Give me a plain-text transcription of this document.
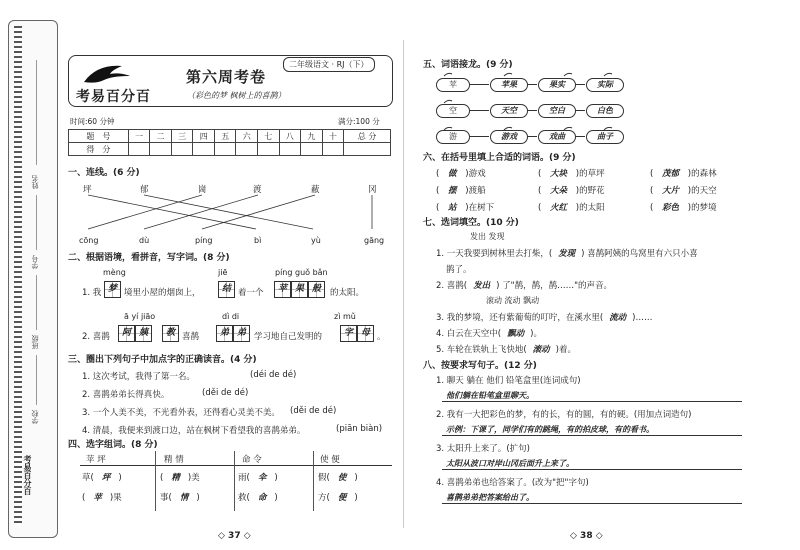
姓名
学号
班级
学校
考易百分百
考易百分百
第六周考卷
（彩色的梦 枫树上的喜鹊）
二年级语文 · RJ（下）
时间:60 分钟	满分:100 分
题　号	一	二	三	四	五	六	七	八	九	十	总 分
得　分											
一、连线。(6 分)
坪	郁	崗	渡	蔽	冈
cōng	dù	píng	bì	yù	gāng
二、根据语境，看拼音，写字词。(8 分)
mèng	jiē	píng guǒ bǎn
1. 我 梦 境里小屋的烟囱上，	结 着一个	苹 果 般	的太阳。
ā yí jiāo	dì di	zì mǔ
2. 喜鹊	阿 姨	教 喜鹊	弟 弟 学习地自己发明的	字 母 。
三、圈出下列句子中加点字的正确读音。(4 分)
1. 这次考试，我得了第一名。	(déi de dé)
2. 喜鹊弟弟长得真快。	(děi de dé)
3. 一个人美不美，不光看外表，还得看心灵美不美。 (děi de dé)
4. 清晨，我便来到渡口边，站在枫树下看望我的喜鹊弟弟。	(piān biàn)
四、选字组词。(8 分)
苹 坪	精 情	命 令	使 便
草( 坪 )	( 精 )美	雨( 伞 )	假( 使 )
( 苹 )果	事( 情 )	救( 命 )	方( 便 )
◇ 37 ◇
五、词语接龙。(9 分)
苹	苹果	果实	实际
空	天空	空白	白色
游	游戏	戏曲	曲子
六、在括号里填上合适的词语。(9 分)
( 做 )游戏	( 大块 )的草坪	( 茂郁 )的森林
( 摆 )渡船	( 大朵 )的野花	( 大片 )的天空
( 站 )在树下	( 火红 )的太阳	( 彩色 )的梦境
七、选词填空。(10 分)
发出 发现
1. 一天我要到树林里去打柴，( 发现 ) 喜鹊阿姨的鸟窝里有六只小喜
鹊了。
2. 喜鹊( 发出 ) 了"鹊，鹊，鹊……"的声音。
滚动 流动 飘动
3. 我的梦境，还有紫葡萄的叮咛，在溪水里( 流动 )……
4. 白云在天空中( 飘动 )。
5. 车轮在铁轨上飞快地( 滚动 )着。
八、按要求写句子。(12 分)
1. 聊天 躺在 他们 铅笔盒里(连词成句)
他们躺在铅笔盒里聊天。
2. 我有一大把彩色的梦，有的长，有的圆，有的硬。(用加点词造句)
示例：下课了，同学们有的跳绳，有的拍皮球，有的看书。
3. 太阳升上来了。(扩句)
太阳从波口对岸山冈后面升上来了。
4. 喜鹊弟弟也给答案了。(改为"把"字句)
喜鹊弟弟把答案给出了。
◇ 38 ◇
